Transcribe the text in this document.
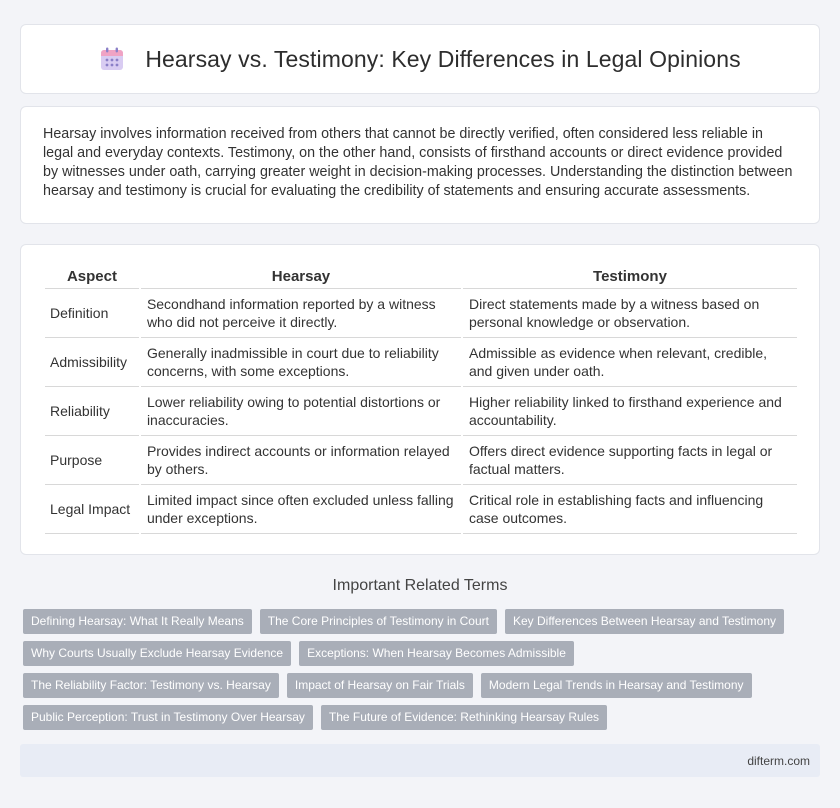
Hearsay vs. Testimony: Key Differences in Legal Opinions

Hearsay involves information received from others that cannot be directly verified, often considered less reliable in legal and everyday contexts. Testimony, on the other hand, consists of firsthand accounts or direct evidence provided by witnesses under oath, carrying greater weight in decision-making processes. Understanding the distinction between hearsay and testimony is crucial for evaluating the credibility of statements and ensuring accurate assessments.

Aspect	Hearsay	Testimony
Definition	Secondhand information reported by a witness who did not perceive it directly.	Direct statements made by a witness based on personal knowledge or observation.
Admissibility	Generally inadmissible in court due to reliability concerns, with some exceptions.	Admissible as evidence when relevant, credible, and given under oath.
Reliability	Lower reliability owing to potential distortions or inaccuracies.	Higher reliability linked to firsthand experience and accountability.
Purpose	Provides indirect accounts or information relayed by others.	Offers direct evidence supporting facts in legal or factual matters.
Legal Impact	Limited impact since often excluded unless falling under exceptions.	Critical role in establishing facts and influencing case outcomes.
Important Related Terms
Defining Hearsay: What It Really Means	The Core Principles of Testimony in Court	Key Differences Between Hearsay and Testimony
Why Courts Usually Exclude Hearsay Evidence	Exceptions: When Hearsay Becomes Admissible
The Reliability Factor: Testimony vs. Hearsay	Impact of Hearsay on Fair Trials	Modern Legal Trends in Hearsay and Testimony
Public Perception: Trust in Testimony Over Hearsay	The Future of Evidence: Rethinking Hearsay Rules
difterm.com
